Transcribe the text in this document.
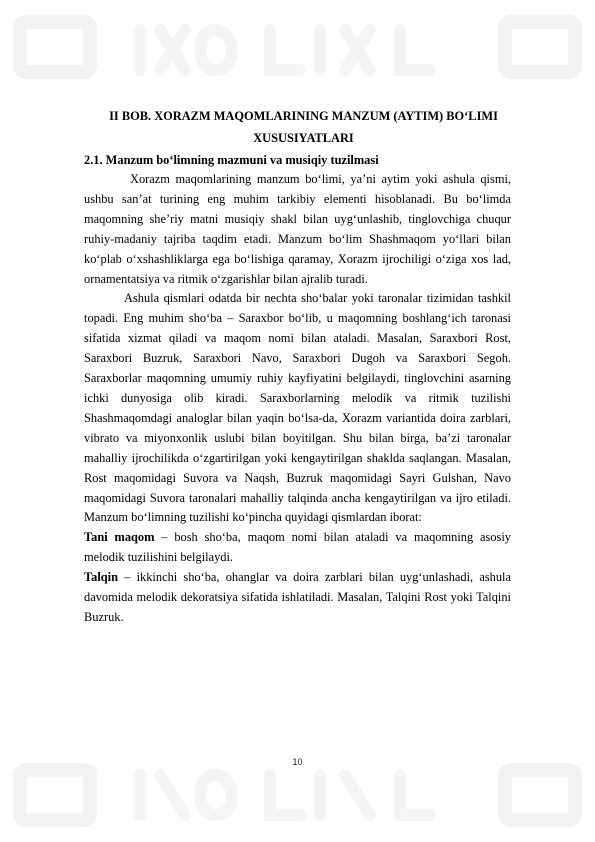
II BOB. XORAZM MAQOMLARINING MANZUM (AYTIM) BO‘LIMI XUSUSIYATLARI
2.1. Manzum bo‘limning mazmuni va musiqiy tuzilmasi

Xorazm maqomlarining manzum bo‘limi, ya’ni aytim yoki ashula qismi, ushbu san’at turining eng muhim tarkibiy elementi hisoblanadi. Bu bo‘limda maqomning she’riy matni musiqiy shakl bilan uyg‘unlashib, tinglovchiga chuqur ruhiy-madaniy tajriba taqdim etadi. Manzum bo‘lim Shashmaqom yo‘llari bilan ko‘plab o‘xshashliklarga ega bo‘lishiga qaramay, Xorazm ijrochiligi o‘ziga xos lad, ornamentatsiya va ritmik o‘zgarishlar bilan ajralib turadi.

Ashula qismlari odatda bir nechta sho‘balar yoki taronalar tizimidan tashkil topadi. Eng muhim sho‘ba – Saraxbor bo‘lib, u maqomning boshlang‘ich taronasi sifatida xizmat qiladi va maqom nomi bilan ataladi. Masalan, Saraxbori Rost, Saraxbori Buzruk, Saraxbori Navo, Saraxbori Dugoh va Saraxbori Segoh. Saraxborlar maqomning umumiy ruhiy kayfiyatini belgilaydi, tinglovchini asarning ichki dunyosiga olib kiradi. Saraxborlarning melodik va ritmik tuzilishi Shashmaqomdagi analoglar bilan yaqin bo‘lsa-da, Xorazm variantida doira zarblari, vibrato va miyonxonlik uslubi bilan boyitilgan. Shu bilan birga, ba’zi taronalar mahalliy ijrochilikda o‘zgartirilgan yoki kengaytirilgan shaklda saqlangan. Masalan, Rost maqomidagi Suvora va Naqsh, Buzruk maqomidagi Sayri Gulshan, Navo maqomidagi Suvora taronalari mahalliy talqinda ancha kengaytirilgan va ijro etiladi. Manzum bo‘limning tuzilishi ko‘pincha quyidagi qismlardan iborat:

Tani maqom – bosh sho‘ba, maqom nomi bilan ataladi va maqomning asosiy melodik tuzilishini belgilaydi.

Talqin – ikkinchi sho‘ba, ohanglar va doira zarblari bilan uyg‘unlashadi, ashula davomida melodik dekoratsiya sifatida ishlatiladi. Masalan, Talqini Rost yoki Talqini Buzruk.

10
